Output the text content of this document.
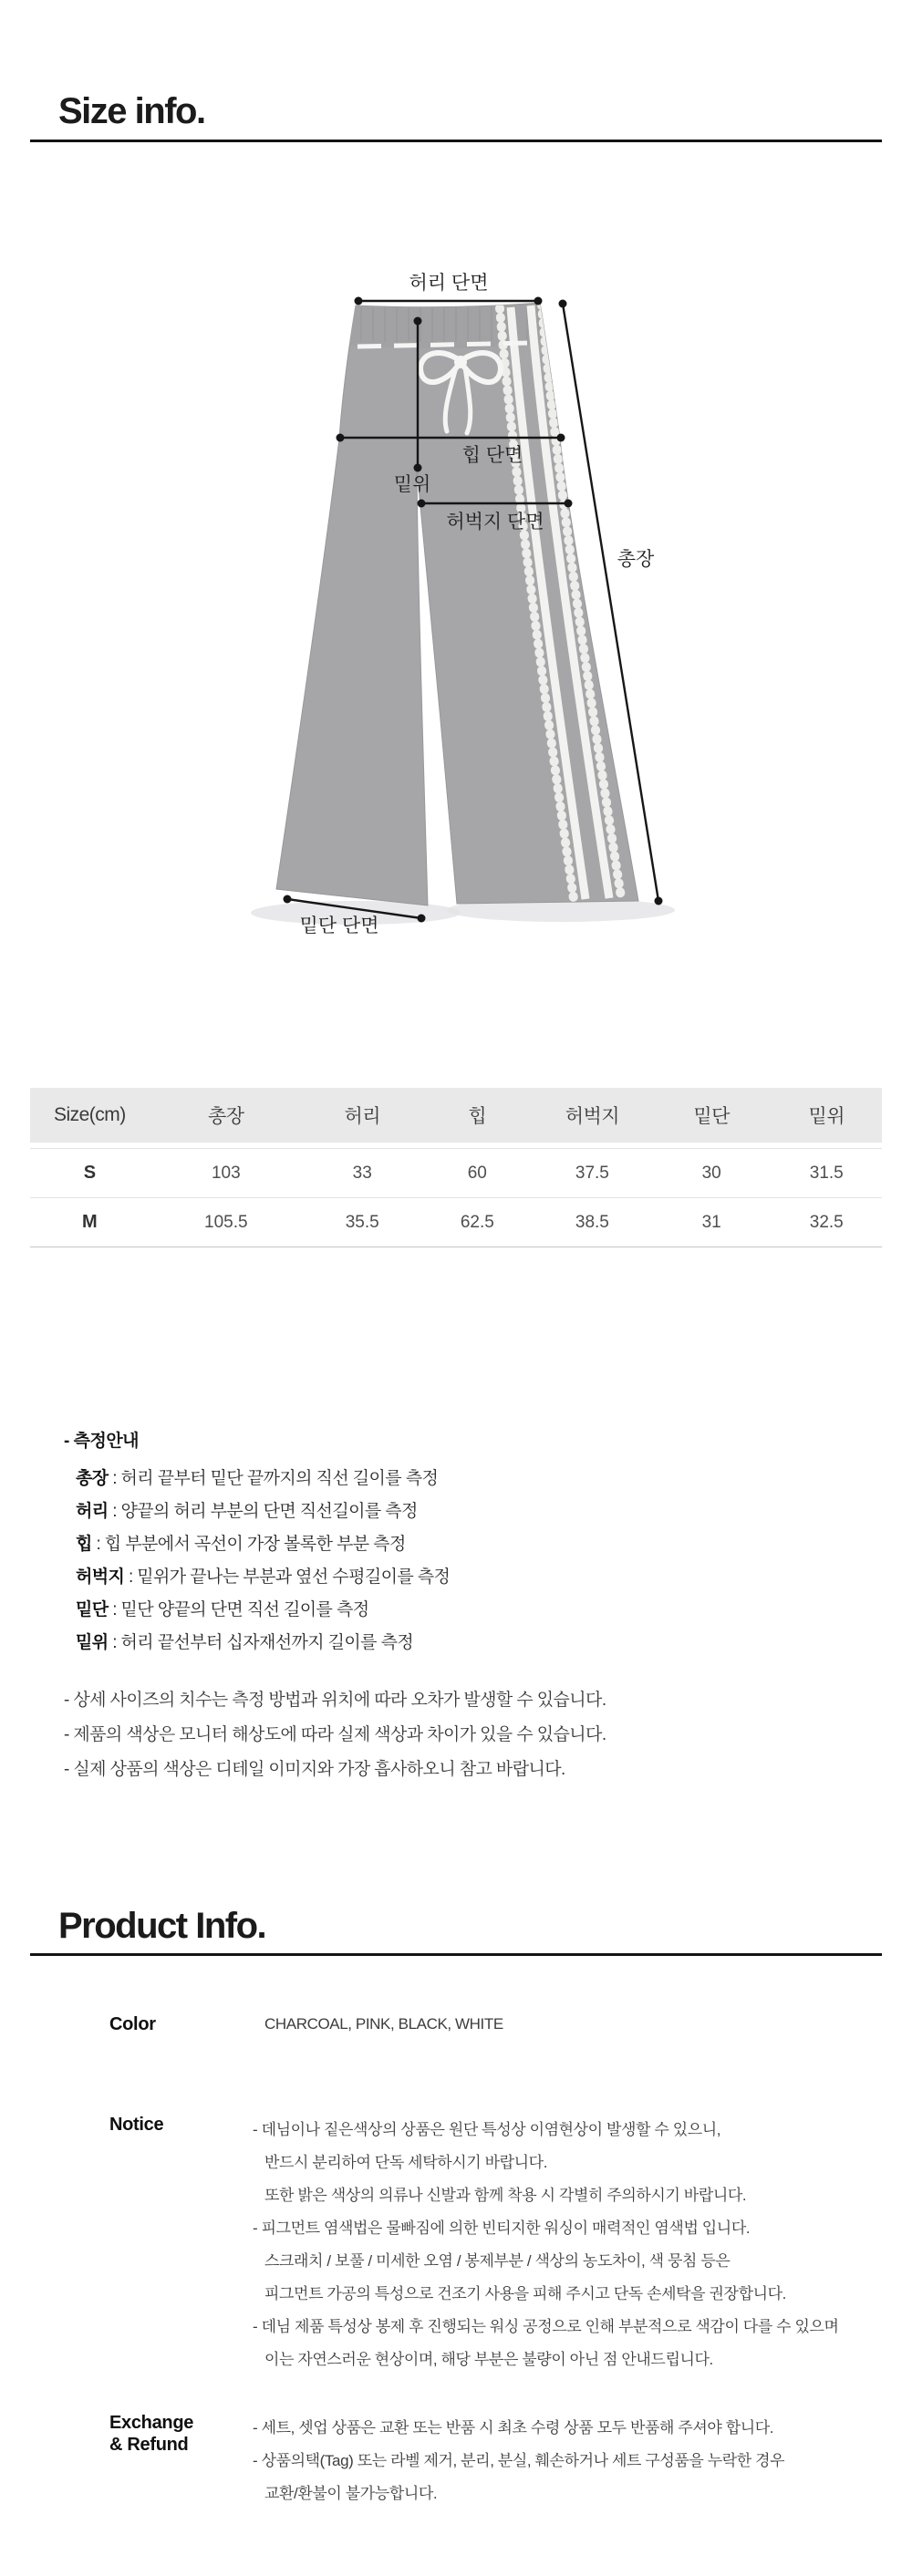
Size info.
허리 단면
힙 단면
밑위
허벅지 단면
총장
밑단 단면
Size(cm)	총장	허리	힙	허벅지	밑단	밑위
S	103	33	60	37.5	30	31.5
M	105.5	35.5	62.5	38.5	31	32.5
- 측정안내
총장 : 허리 끝부터 밑단 끝까지의 직선 길이를 측정
허리 : 양끝의 허리 부분의 단면 직선길이를 측정
힙 : 힙 부분에서 곡선이 가장 볼록한 부분 측정
허벅지 : 밑위가 끝나는 부분과 옆선 수평길이를 측정
밑단 : 밑단 양끝의 단면 직선 길이를 측정
밑위 : 허리 끝선부터 십자재선까지 길이를 측정
- 상세 사이즈의 치수는 측정 방법과 위치에 따라 오차가 발생할 수 있습니다.
- 제품의 색상은 모니터 해상도에 따라 실제 색상과 차이가 있을 수 있습니다.
- 실제 상품의 색상은 디테일 이미지와 가장 흡사하오니 참고 바랍니다.
Product Info.
Color	CHARCOAL, PINK, BLACK, WHITE
Notice	- 데님이나 짙은색상의 상품은 원단 특성상 이염현상이 발생할 수 있으니,
반드시 분리하여 단독 세탁하시기 바랍니다.
또한 밝은 색상의 의류나 신발과 함께 착용 시 각별히 주의하시기 바랍니다.
- 피그먼트 염색법은 물빠짐에 의한 빈티지한 워싱이 매력적인 염색법 입니다.
스크래치 / 보풀 / 미세한 오염 / 봉제부분 / 색상의 농도차이, 색 뭉침 등은
피그먼트 가공의 특성으로 건조기 사용을 피해 주시고 단독 손세탁을 권장합니다.
- 데님 제품 특성상 봉제 후 진행되는 워싱 공정으로 인해 부분적으로 색감이 다를 수 있으며
이는 자연스러운 현상이며, 해당 부분은 불량이 아닌 점 안내드립니다.
Exchange
& Refund
- 세트, 셋업 상품은 교환 또는 반품 시 최초 수령 상품 모두 반품해 주셔야 합니다.
- 상품의택(Tag) 또는 라벨 제거, 분리, 분실, 훼손하거나 세트 구성품을 누락한 경우
교환/환불이 불가능합니다.
